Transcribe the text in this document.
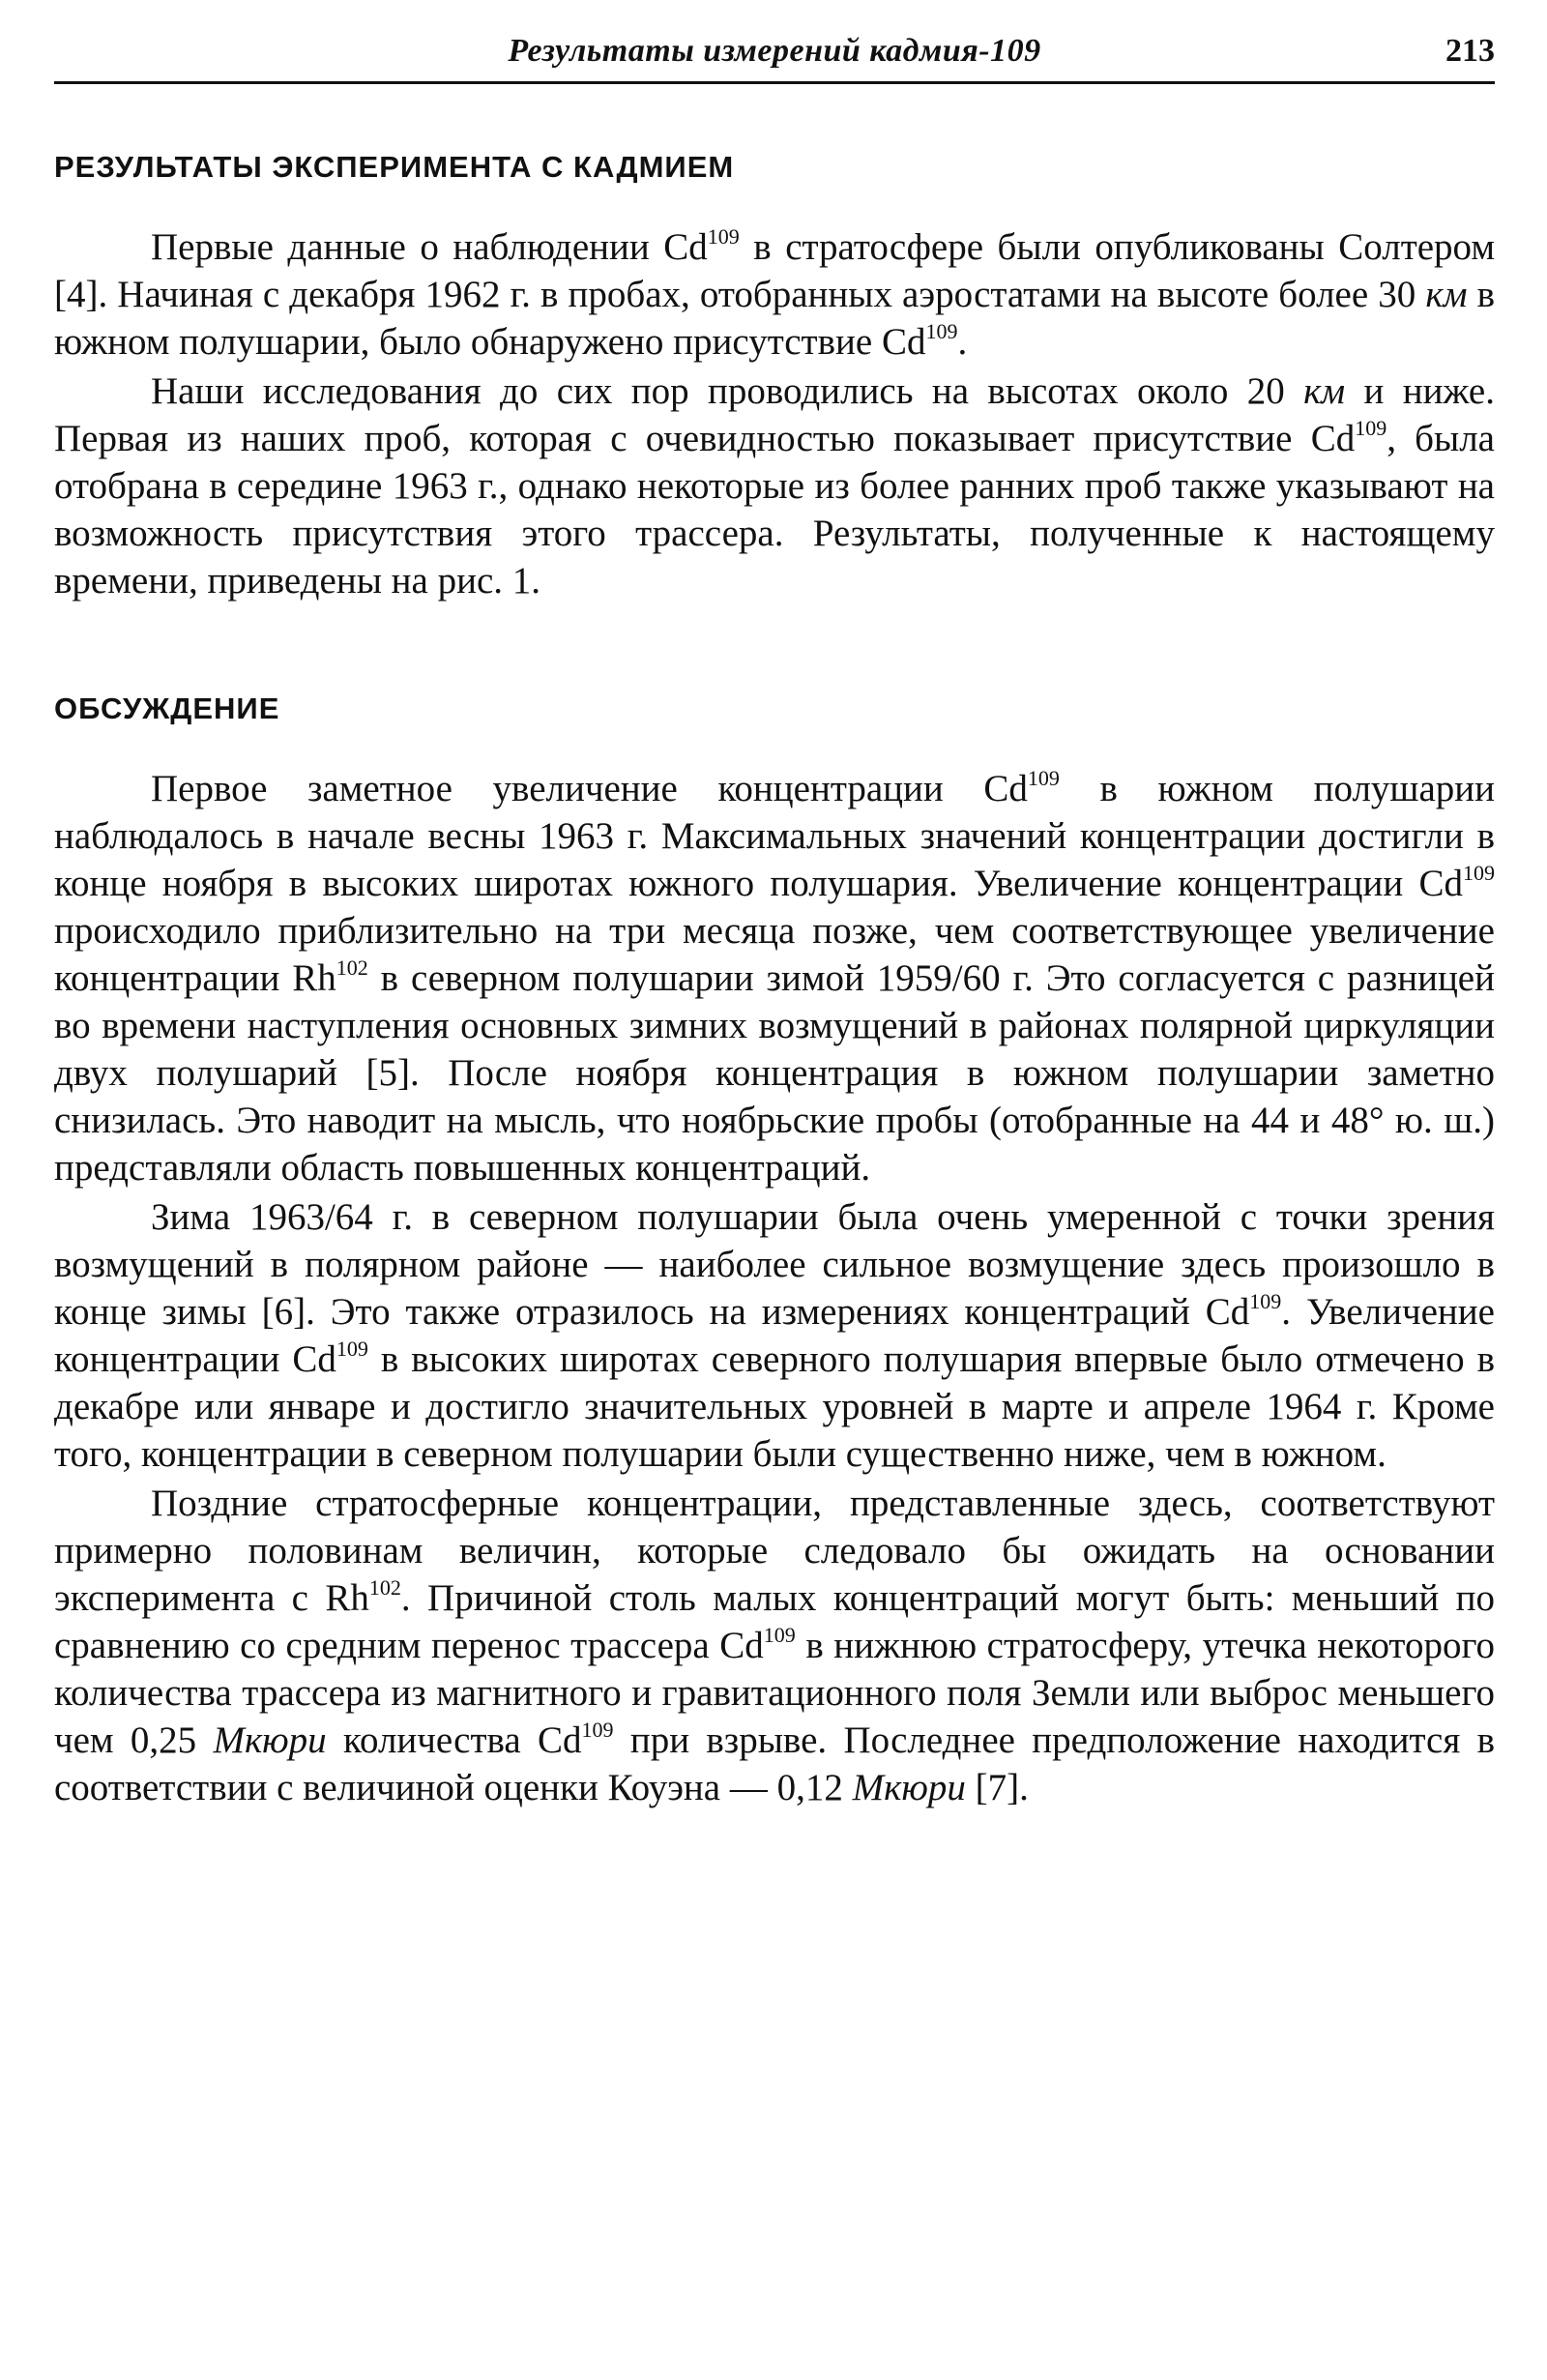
Результаты измерений кадмия-109	213
РЕЗУЛЬТАТЫ ЭКСПЕРИМЕНТА С КАДМИЕМ

Первые данные о наблюдении Cd$^{109}$ в стратосфере были опубликованы Солтером [4]. Начиная с декабря 1962 г. в пробах, отобранных аэростатами на высоте более 30 км в южном полушарии, было обнаружено присутствие Cd$^{109}$.

Наши исследования до сих пор проводились на высотах около 20 км и ниже. Первая из наших проб, которая с очевидностью показывает присутствие Cd$^{109}$, была отобрана в середине 1963 г., однако некоторые из более ранних проб также указывают на возможность присутствия этого трассера. Результаты, полученные к настоящему времени, приведены на рис. 1.

ОБСУЖДЕНИЕ

Первое заметное увеличение концентрации Cd$^{109}$ в южном полушарии наблюдалось в начале весны 1963 г. Максимальных значений концентрации достигли в конце ноября в высоких широтах южного полушария. Увеличение концентрации Cd$^{109}$ происходило приблизительно на три месяца позже, чем соответствующее увеличение концентрации Rh$^{102}$ в северном полушарии зимой 1959/60 г. Это согласуется с разницей во времени наступления основных зимних возмущений в районах полярной циркуляции двух полушарий [5]. После ноября концентрация в южном полушарии заметно снизилась. Это наводит на мысль, что ноябрьские пробы (отобранные на 44 и 48° ю. ш.) представляли область повышенных концентраций.

Зима 1963/64 г. в северном полушарии была очень умеренной с точки зрения возмущений в полярном районе — наиболее сильное возмущение здесь произошло в конце зимы [6]. Это также отразилось на измерениях концентраций Cd$^{109}$. Увеличение концентрации Cd$^{109}$ в высоких широтах северного полушария впервые было отмечено в декабре или январе и достигло значительных уровней в марте и апреле 1964 г. Кроме того, концентрации в северном полушарии были существенно ниже, чем в южном.

Поздние стратосферные концентрации, представленные здесь, соответствуют примерно половинам величин, которые следовало бы ожидать на основании эксперимента с Rh$^{102}$. Причиной столь малых концентраций могут быть: меньший по сравнению со средним перенос трассера Cd$^{109}$ в нижнюю стратосферу, утечка некоторого количества трассера из магнитного и гравитационного поля Земли или выброс меньшего чем 0,25 Мкюри количества Cd$^{109}$ при взрыве. Последнее предположение находится в соответствии с величиной оценки Коуэна — 0,12 Мкюри [7].
